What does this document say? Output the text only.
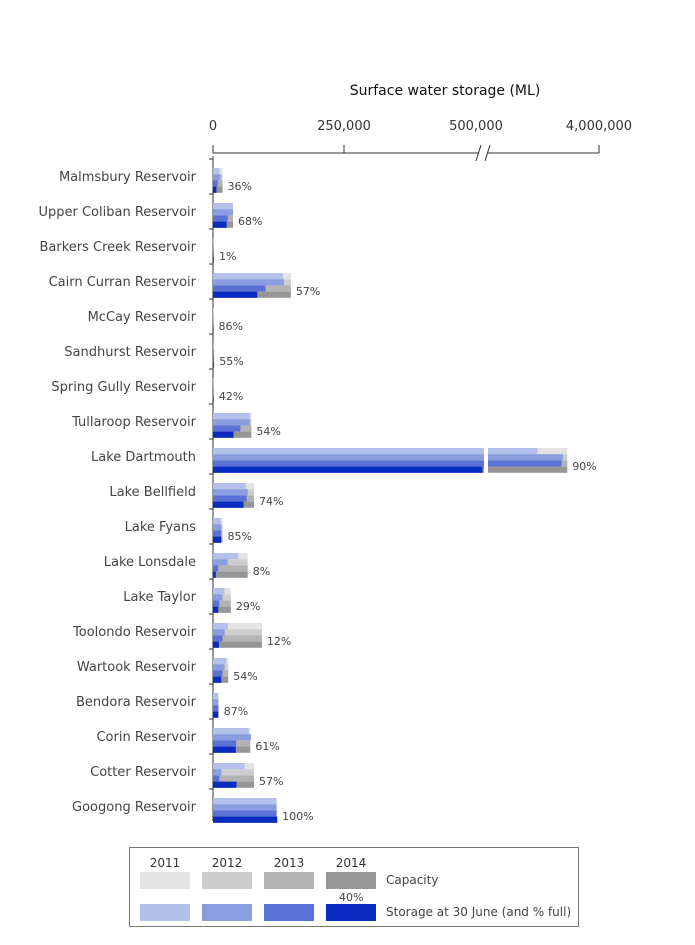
Surface water storage (ML)
0	250,000	500,000	4,000,000
Malmsbury Reservoir
36%
Upper Coliban Reservoir
68%
Barkers Creek Reservoir
1%
Cairn Curran Reservoir
57%
McCay Reservoir
86%
Sandhurst Reservoir
55%
Spring Gully Reservoir
42%
Tullaroop Reservoir
54%
Lake Dartmouth
90%
Lake Bellfield
74%
Lake Fyans
85%
Lake Lonsdale
8%
Lake Taylor
29%
Toolondo Reservoir
12%
Wartook Reservoir
54%
Bendora Reservoir
87%
Corin Reservoir
61%
Cotter Reservoir
57%
Googong Reservoir
100%
2011	2012	2013	2014
Capacity
40%
Storage at 30 June (and % full)
